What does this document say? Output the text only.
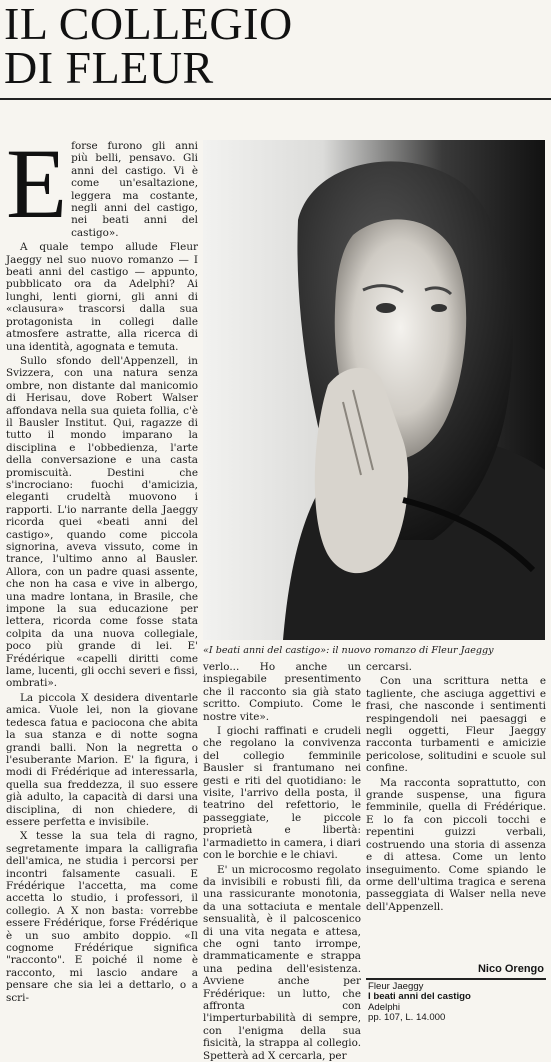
IL COLLEGIO
DI FLEUR
E forse furono gli anni più belli, pensavo. Gli anni del castigo. Vi è come un'esaltazione, leggera ma costante, negli anni del castigo, nei beati anni del castigo».

A quale tempo allude Fleur Jaeggy nel suo nuovo romanzo — I beati anni del castigo — appunto, pubblicato ora da Adelphi? Ai lunghi, lenti giorni, gli anni di «clausura» trascorsi dalla sua protagonista in collegi dalle atmosfere astratte, alla ricerca di una identità, agognata e temuta.

Sullo sfondo dell'Appenzell, in Svizzera, con una natura senza ombre, non distante dal manicomio di Herisau, dove Robert Walser affondava nella sua quieta follia, c'è il Bausler Institut. Qui, ragazze di tutto il mondo imparano la disciplina e l'obbedienza, l'arte della conversazione e una casta promiscuità. Destini che s'incrociano: fuochi d'amicizia, eleganti crudeltà muovono i rapporti. L'io narrante della Jaeggy ricorda quei «beati anni del castigo», quando come piccola signorina, aveva vissuto, come in trance, l'ultimo anno al Bausler. Allora, con un padre quasi assente, che non ha casa e vive in albergo, una madre lontana, in Brasile, che impone la sua educazione per lettera, ricorda come fosse stata colpita da una nuova collegiale, poco più grande di lei. E' Frédérique «capelli diritti come lame, lucenti, gli occhi severi e fissi, ombrati».

La piccola X desidera diventarle amica. Vuole lei, non la giovane tedesca fatua e paciocona che abita la sua stanza e di notte sogna grandi balli. Non la negretta o l'esuberante Marion. E' la figura, i modi di Frédérique ad interessarla, quella sua freddezza, il suo essere già adulto, la capacità di darsi una disciplina, di non chiedere, di essere perfetta e invisibile.

X tesse la sua tela di ragno, segretamente impara la calligrafia dell'amica, ne studia i percorsi per incontri falsamente casuali. E Frédérique l'accetta, ma come accetta lo studio, i professori, il collegio. A X non basta: vorrebbe essere Frédérique, forse Frédérique è un suo ambito doppio. «Il cognome Frédérique significa "racconto". E poiché il nome è racconto, mi lascio andare a pensare che sia lei a dettarlo, o a scri-

«I beati anni del castigo»: il nuovo romanzo di Fleur Jaeggy

verlo... Ho anche un inspiegabile presentimento che il racconto sia già stato scritto. Compiuto. Come le nostre vite».

I giochi raffinati e crudeli che regolano la convivenza del collegio femminile Bausler si frantumano nei gesti e riti del quotidiano: le visite, l'arrivo della posta, il teatrino del refettorio, le passeggiate, le piccole proprietà e libertà: l'armadietto in camera, i diari con le borchie e le chiavi.

E' un microcosmo regolato da invisibili e robusti fili, da una rassicurante monotonia, da una sottaciuta e mentale sensualità, è il palcoscenico di una vita negata e attesa, che ogni tanto irrompe, drammaticamente e strappa una pedina dell'esistenza. Avviene anche per Frédérique: un lutto, che affronta con l'imperturbabilità di sempre, con l'enigma della sua fisicità, la strappa al collegio. Spetterà ad X cercarla, per

cercarsi.

Con una scrittura netta e tagliente, che asciuga aggettivi e frasi, che nasconde i sentimenti respingendoli nei paesaggi e negli oggetti, Fleur Jaeggy racconta turbamenti e amicizie pericolose, solitudini e scuole sul confine.

Ma racconta soprattutto, con grande suspense, una figura femminile, quella di Frédérique. E lo fa con piccoli tocchi e repentini guizzi verbali, costruendo una storia di assenza e di attesa. Come un lento inseguimento. Come spiando le orme dell'ultima tragica e serena passeggiata di Walser nella neve dell'Appenzell.

Nico Orengo
Fleur Jaeggy
I beati anni del castigo
Adelphi
pp. 107, L. 14.000
